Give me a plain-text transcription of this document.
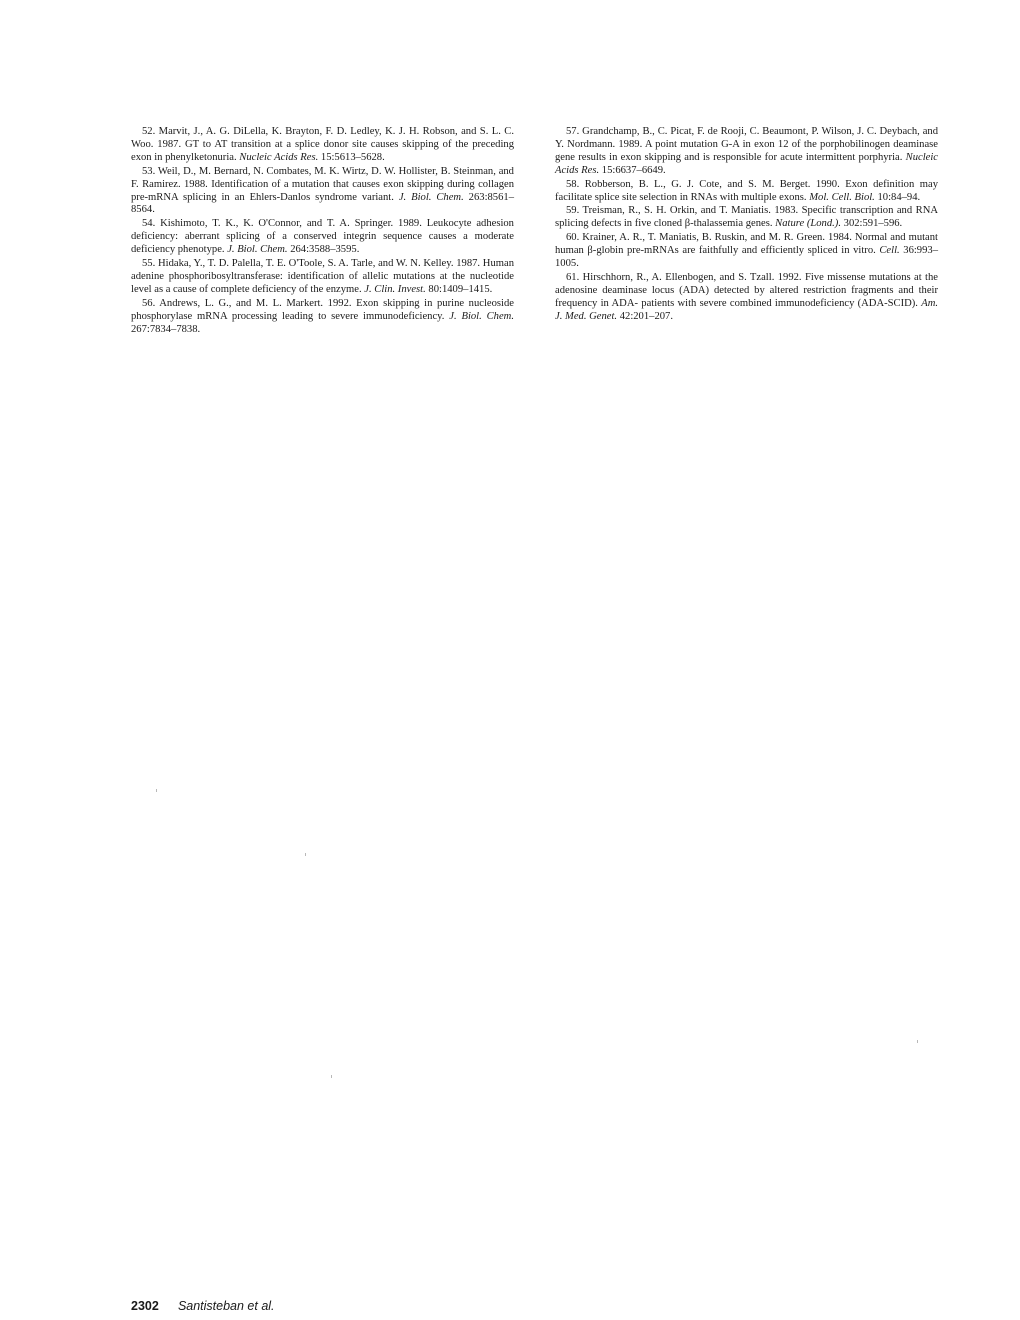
52. Marvit, J., A. G. DiLella, K. Brayton, F. D. Ledley, K. J. H. Robson, and S. L. C. Woo. 1987. GT to AT transition at a splice donor site causes skipping of the preceding exon in phenylketonuria. Nucleic Acids Res. 15:5613–5628.

53. Weil, D., M. Bernard, N. Combates, M. K. Wirtz, D. W. Hollister, B. Steinman, and F. Ramirez. 1988. Identification of a mutation that causes exon skipping during collagen pre-mRNA splicing in an Ehlers-Danlos syndrome variant. J. Biol. Chem. 263:8561–8564.

54. Kishimoto, T. K., K. O'Connor, and T. A. Springer. 1989. Leukocyte adhesion deficiency: aberrant splicing of a conserved integrin sequence causes a moderate deficiency phenotype. J. Biol. Chem. 264:3588–3595.

55. Hidaka, Y., T. D. Palella, T. E. O'Toole, S. A. Tarle, and W. N. Kelley. 1987. Human adenine phosphoribosyltransferase: identification of allelic mutations at the nucleotide level as a cause of complete deficiency of the enzyme. J. Clin. Invest. 80:1409–1415.

56. Andrews, L. G., and M. L. Markert. 1992. Exon skipping in purine nucleoside phosphorylase mRNA processing leading to severe immunodeficiency. J. Biol. Chem. 267:7834–7838.

57. Grandchamp, B., C. Picat, F. de Rooji, C. Beaumont, P. Wilson, J. C. Deybach, and Y. Nordmann. 1989. A point mutation G-A in exon 12 of the porphobilinogen deaminase gene results in exon skipping and is responsible for acute intermittent porphyria. Nucleic Acids Res. 15:6637–6649.

58. Robberson, B. L., G. J. Cote, and S. M. Berget. 1990. Exon definition may facilitate splice site selection in RNAs with multiple exons. Mol. Cell. Biol. 10:84–94.

59. Treisman, R., S. H. Orkin, and T. Maniatis. 1983. Specific transcription and RNA splicing defects in five cloned β-thalassemia genes. Nature (Lond.). 302:591–596.

60. Krainer, A. R., T. Maniatis, B. Ruskin, and M. R. Green. 1984. Normal and mutant human β-globin pre-mRNAs are faithfully and efficiently spliced in vitro. Cell. 36:993–1005.

61. Hirschhorn, R., A. Ellenbogen, and S. Tzall. 1992. Five missense mutations at the adenosine deaminase locus (ADA) detected by altered restriction fragments and their frequency in ADA- patients with severe combined immunodeficiency (ADA-SCID). Am. J. Med. Genet. 42:201–207.

2302 Santisteban et al.
